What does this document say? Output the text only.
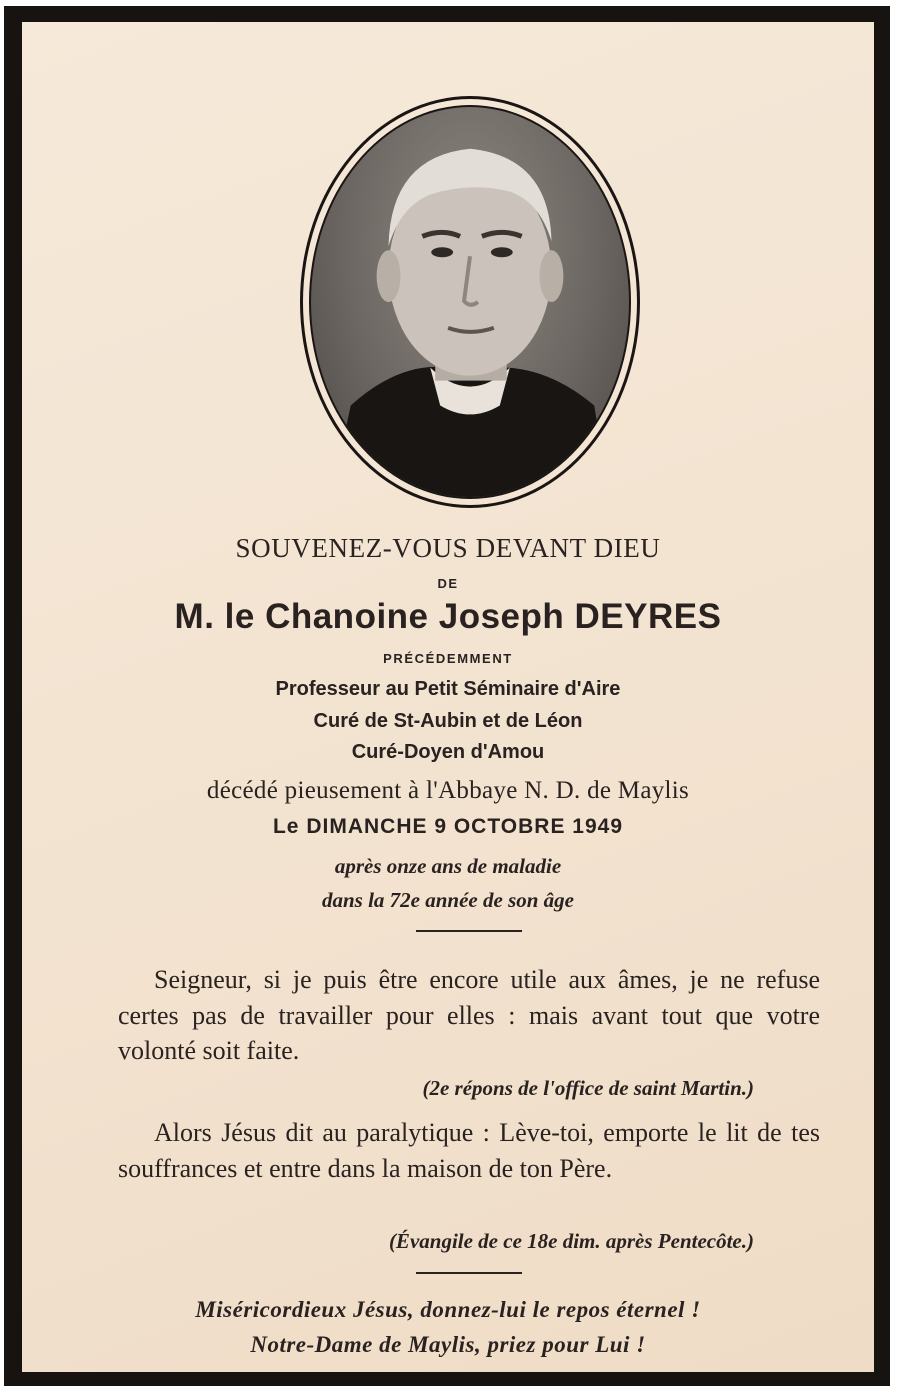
SOUVENEZ-VOUS DEVANT DIEU
DE
M. le Chanoine Joseph DEYRES
PRÉCÉDEMMENT
Professeur au Petit Séminaire d'Aire
Curé de St-Aubin et de Léon
Curé-Doyen d'Amou
décédé pieusement à l'Abbaye N. D. de Maylis
Le DIMANCHE 9 OCTOBRE 1949
après onze ans de maladie
dans la 72e année de son âge
Seigneur, si je puis être encore utile aux âmes, je ne refuse certes pas de travailler pour elles : mais avant tout que votre volonté soit faite.
(2e répons de l'office de saint Martin.)
Alors Jésus dit au paralytique : Lève-toi, emporte le lit de tes souffrances et entre dans la maison de ton Père.
(Évangile de ce 18e dim. après Pentecôte.)
Miséricordieux Jésus, donnez-lui le repos éternel !
Notre-Dame de Maylis, priez pour Lui !
